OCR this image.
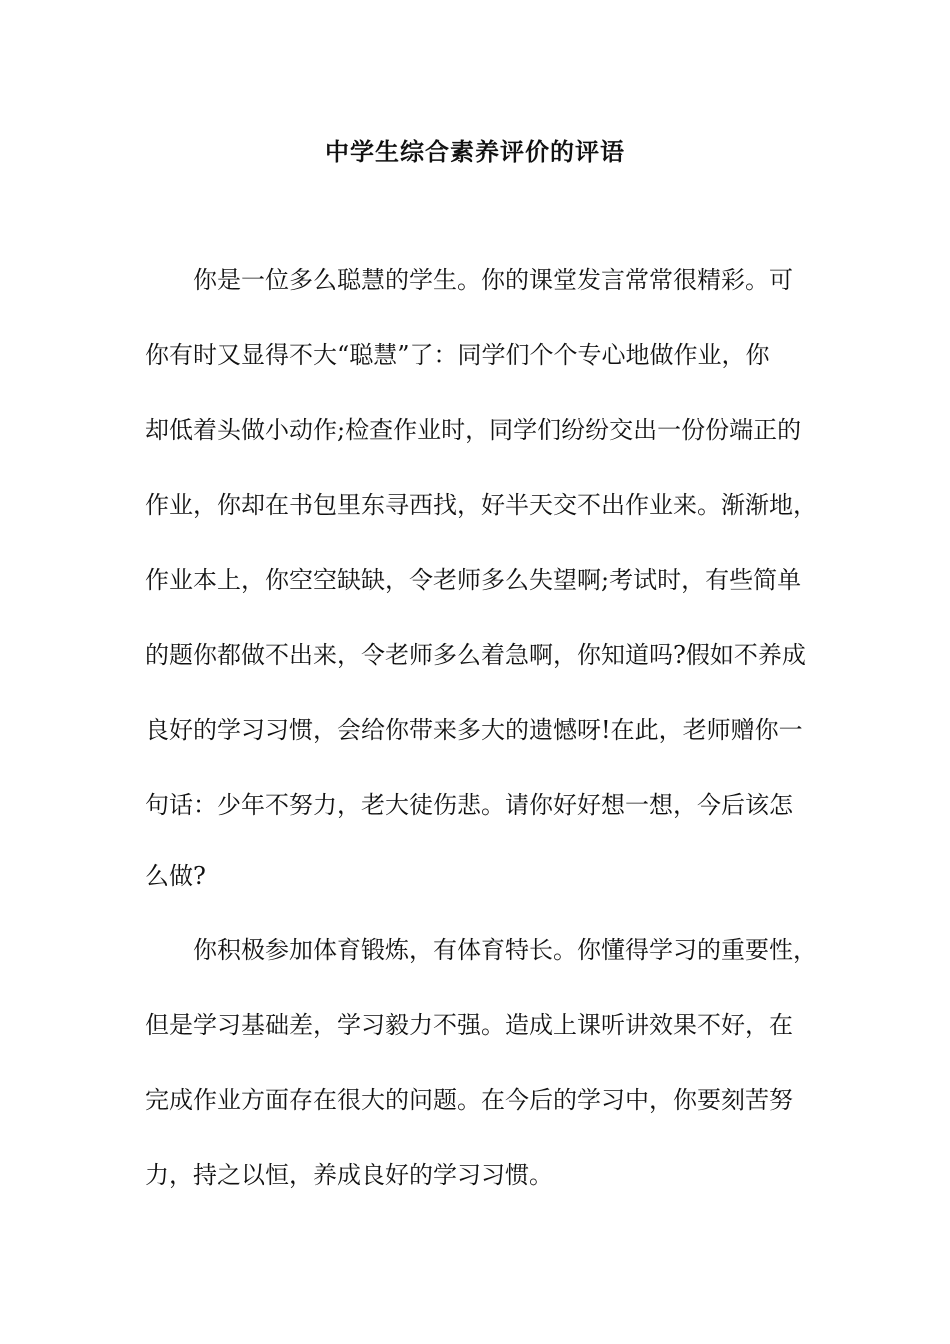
中学生综合素养评价的评语

你是一位多么聪慧的学生。你的课堂发言常常很精彩。可

你有时又显得不大“聪慧”了：同学们个个专心地做作业，你

却低着头做小动作;检查作业时，同学们纷纷交出一份份端正的

作业，你却在书包里东寻西找，好半天交不出作业来。渐渐地，

作业本上，你空空缺缺，令老师多么失望啊;考试时，有些简单

的题你都做不出来，令老师多么着急啊，你知道吗?假如不养成

良好的学习习惯，会给你带来多大的遗憾呀!在此，老师赠你一

句话：少年不努力，老大徒伤悲。请你好好想一想，今后该怎

么做?

你积极参加体育锻炼，有体育特长。你懂得学习的重要性，

但是学习基础差，学习毅力不强。造成上课听讲效果不好，在

完成作业方面存在很大的问题。在今后的学习中，你要刻苦努

力，持之以恒，养成良好的学习习惯。
